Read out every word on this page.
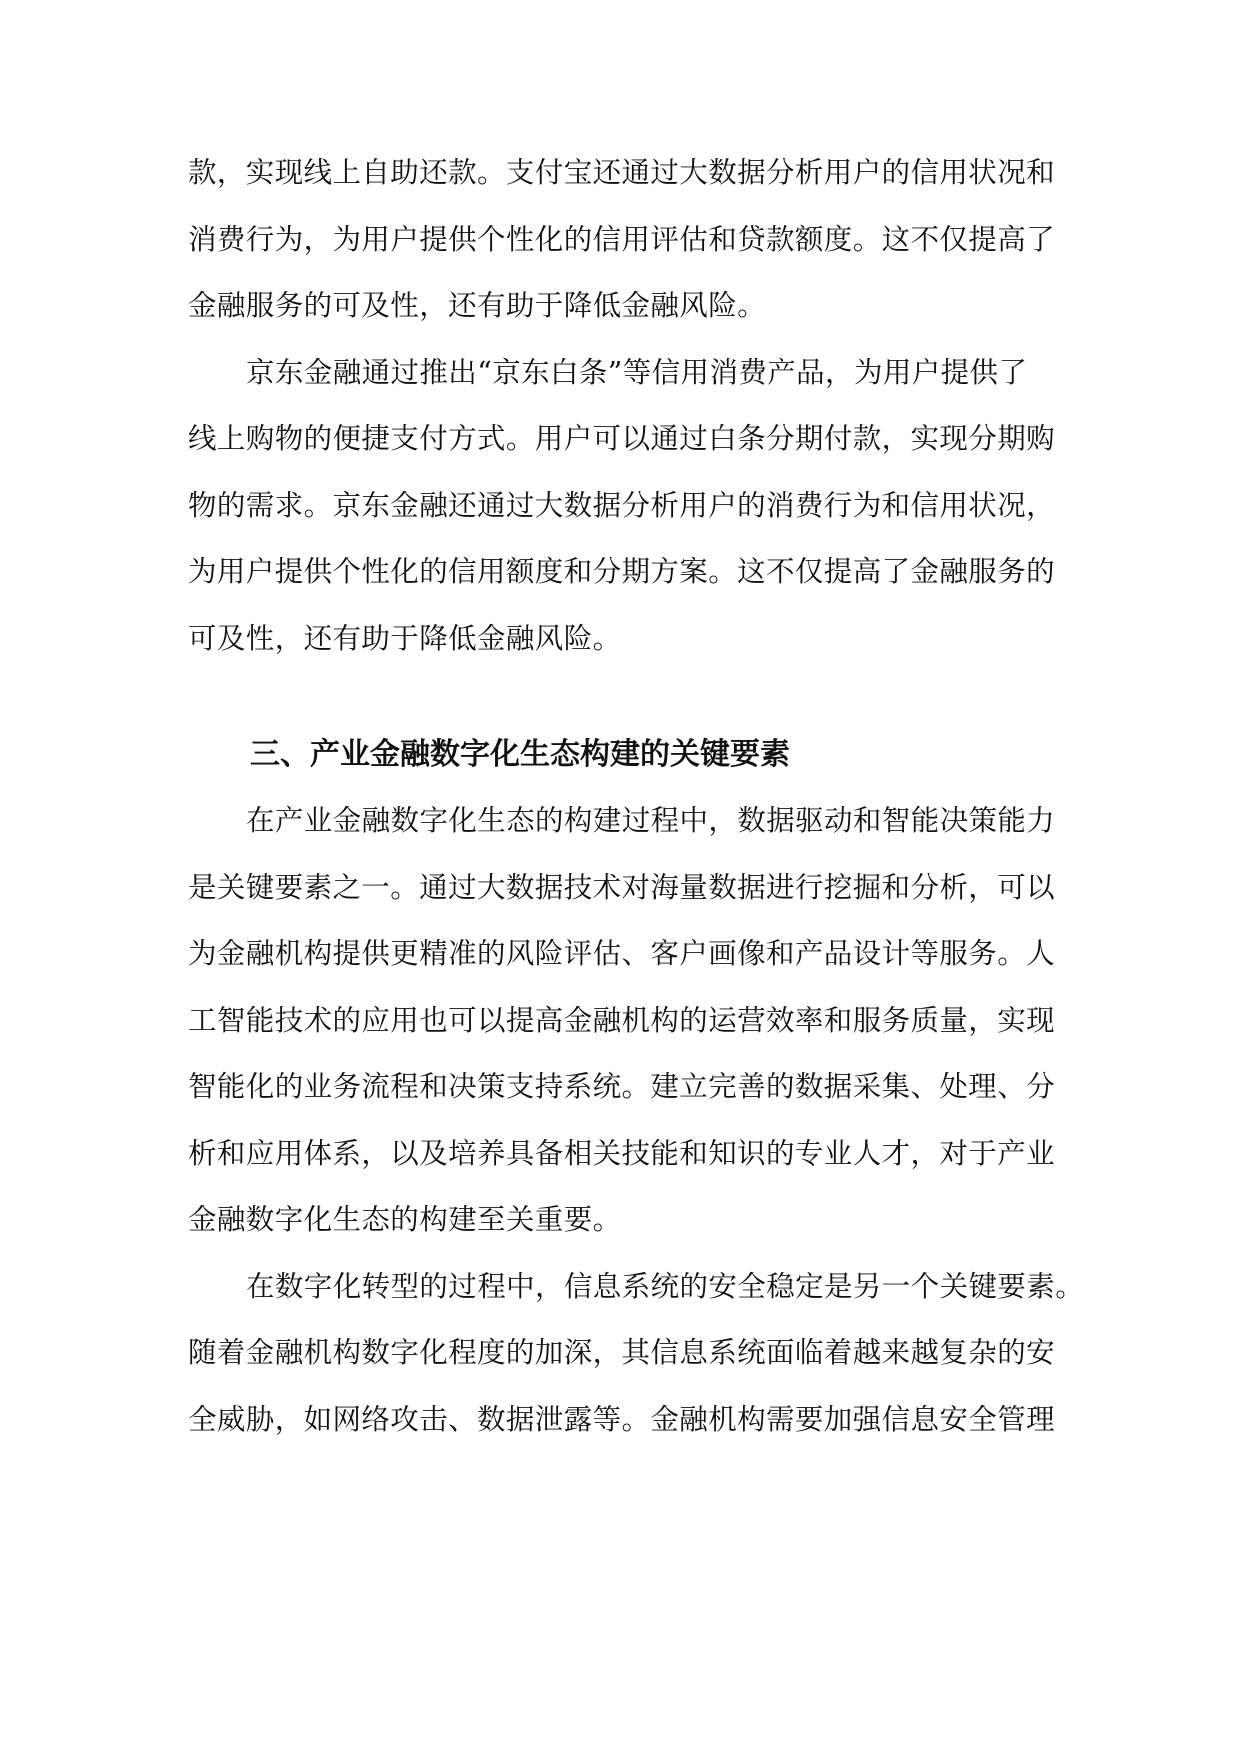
款，实现线上自助还款。支付宝还通过大数据分析用户的信用状况和
消费行为，为用户提供个性化的信用评估和贷款额度。这不仅提高了
金融服务的可及性，还有助于降低金融风险。
京东金融通过推出“京东白条”等信用消费产品，为用户提供了
线上购物的便捷支付方式。用户可以通过白条分期付款，实现分期购
物的需求。京东金融还通过大数据分析用户的消费行为和信用状况，
为用户提供个性化的信用额度和分期方案。这不仅提高了金融服务的
可及性，还有助于降低金融风险。
三、产业金融数字化生态构建的关键要素
在产业金融数字化生态的构建过程中，数据驱动和智能决策能力
是关键要素之一。通过大数据技术对海量数据进行挖掘和分析，可以
为金融机构提供更精准的风险评估、客户画像和产品设计等服务。人
工智能技术的应用也可以提高金融机构的运营效率和服务质量，实现
智能化的业务流程和决策支持系统。建立完善的数据采集、处理、分
析和应用体系，以及培养具备相关技能和知识的专业人才，对于产业
金融数字化生态的构建至关重要。
在数字化转型的过程中，信息系统的安全稳定是另一个关键要素。
随着金融机构数字化程度的加深，其信息系统面临着越来越复杂的安
全威胁，如网络攻击、数据泄露等。金融机构需要加强信息安全管理
